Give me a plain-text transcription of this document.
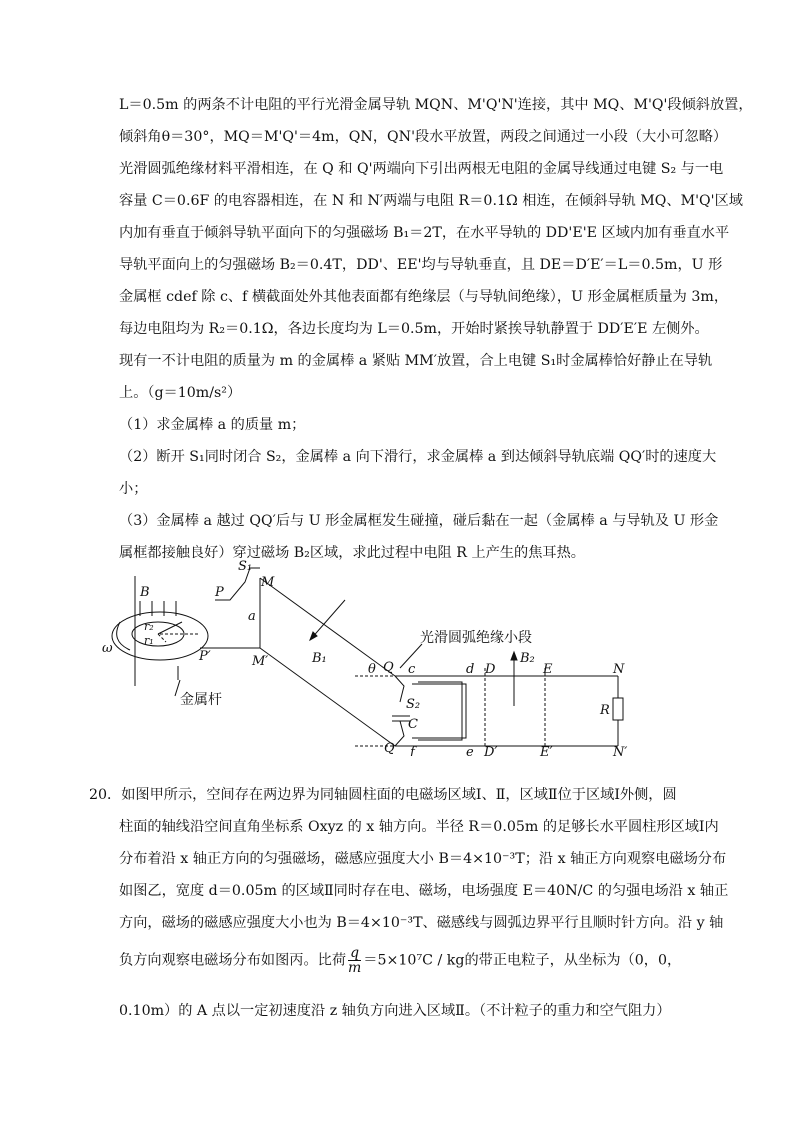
L＝0.5m 的两条不计电阻的平行光滑金属导轨 MQN、M'Q'N'连接，其中 MQ、M'Q'段倾斜放置，
倾斜角θ＝30°，MQ＝M'Q'＝4m，QN，QN'段水平放置，两段之间通过一小段（大小可忽略）
光滑圆弧绝缘材料平滑相连，在 Q 和 Q'两端向下引出两根无电阻的金属导线通过电键 S₂ 与一电
容量 C＝0.6F 的电容器相连，在 N 和 N′两端与电阻 R＝0.1Ω 相连，在倾斜导轨 MQ、M'Q'区域
内加有垂直于倾斜导轨平面向下的匀强磁场 B₁＝2T，在水平导轨的 DD'E'E 区域内加有垂直水平
导轨平面向上的匀强磁场 B₂＝0.4T，DD'、EE'均与导轨垂直，且 DE＝D′E′＝L＝0.5m，U 形
金属框 cdef 除 c、f 横截面处外其他表面都有绝缘层（与导轨间绝缘），U 形金属框质量为 3m，
每边电阻均为 R₂＝0.1Ω，各边长度均为 L＝0.5m，开始时紧挨导轨静置于 DD′E′E 左侧外。
现有一不计电阻的质量为 m 的金属棒 a 紧贴 MM′放置，合上电键 S₁时金属棒恰好静止在导轨
上。（g＝10m/s²）
（1）求金属棒 a 的质量 m；
（2）断开 S₁同时闭合 S₂，金属棒 a 向下滑行，求金属棒 a 到达倾斜导轨底端 QQ′时的速度大
小；
（3）金属棒 a 越过 QQ′后与 U 形金属框发生碰撞，碰后黏在一起（金属棒 a 与导轨及 U 形金
属框都接触良好）穿过磁场 B₂区域，求此过程中电阻 R 上产生的焦耳热。
S₁
M
B	P
a
r₂
r₁
ω
P′	M′	B₁
光滑圆弧绝缘小段
Q
θ c	d D
B₂
E	N
R
S₂
C
Q f	e D′	E′	N′
金属杆
20．如图甲所示，空间存在两边界为同轴圆柱面的电磁场区域Ⅰ、Ⅱ，区域Ⅱ位于区域Ⅰ外侧，圆
柱面的轴线沿空间直角坐标系 Oxyz 的 x 轴方向。半径 R＝0.05m 的足够长水平圆柱形区域Ⅰ内
分布着沿 x 轴正方向的匀强磁场，磁感应强度大小 B＝4×10⁻³T；沿 x 轴正方向观察电磁场分布
如图乙，宽度 d＝0.05m 的区域Ⅱ同时存在电、磁场，电场强度 E＝40N/C 的匀强电场沿 x 轴正
方向，磁场的磁感应强度大小也为 B＝4×10⁻³T、磁感线与圆弧边界平行且顺时针方向。沿 y 轴
负方向观察电磁场分布如图丙。比荷 $\frac{q}{m} =5\times 10^7C$ / kg的带正电粒子，从坐标为（0，0，
0.10m）的 A 点以一定初速度沿 z 轴负方向进入区域Ⅱ。（不计粒子的重力和空气阻力）
